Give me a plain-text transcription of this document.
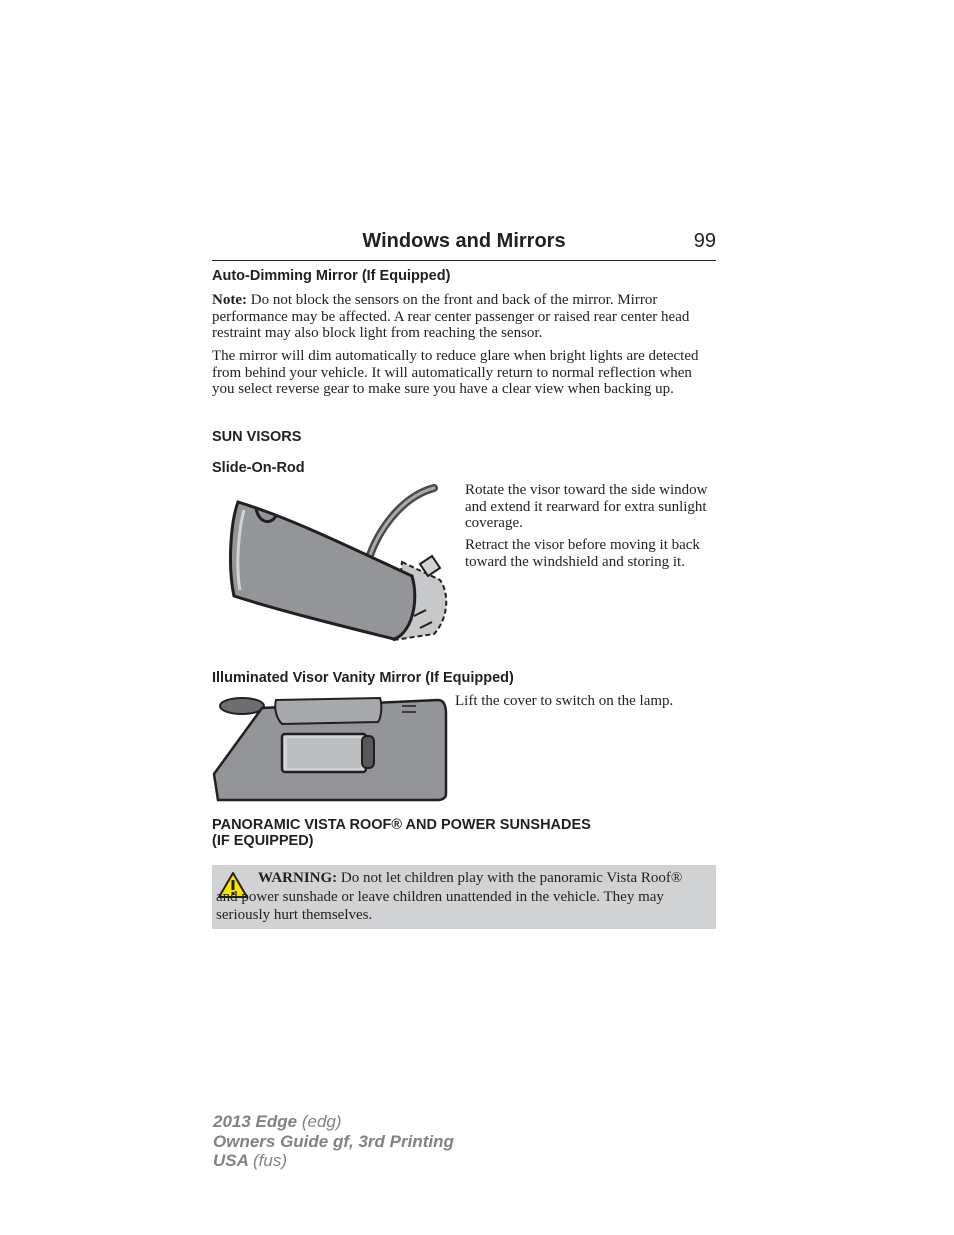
Windows and Mirrors	99
Auto-Dimming Mirror (If Equipped)

Note: Do not block the sensors on the front and back of the mirror. Mirror performance may be affected. A rear center passenger or raised rear center head restraint may also block light from reaching the sensor.

The mirror will dim automatically to reduce glare when bright lights are detected from behind your vehicle. It will automatically return to normal reflection when you select reverse gear to make sure you have a clear view when backing up.

SUN VISORS
Slide-On-Rod

Rotate the visor toward the side window and extend it rearward for extra sunlight coverage.

Retract the visor before moving it back toward the windshield and storing it.

Illuminated Visor Vanity Mirror (If Equipped)

Lift the cover to switch on the lamp.

PANORAMIC VISTA ROOF® AND POWER SUNSHADES
(IF EQUIPPED)

WARNING: Do not let children play with the panoramic Vista Roof® and power sunshade or leave children unattended in the vehicle. They may seriously hurt themselves.

2013 Edge (edg)
Owners Guide gf, 3rd Printing
USA (fus)
